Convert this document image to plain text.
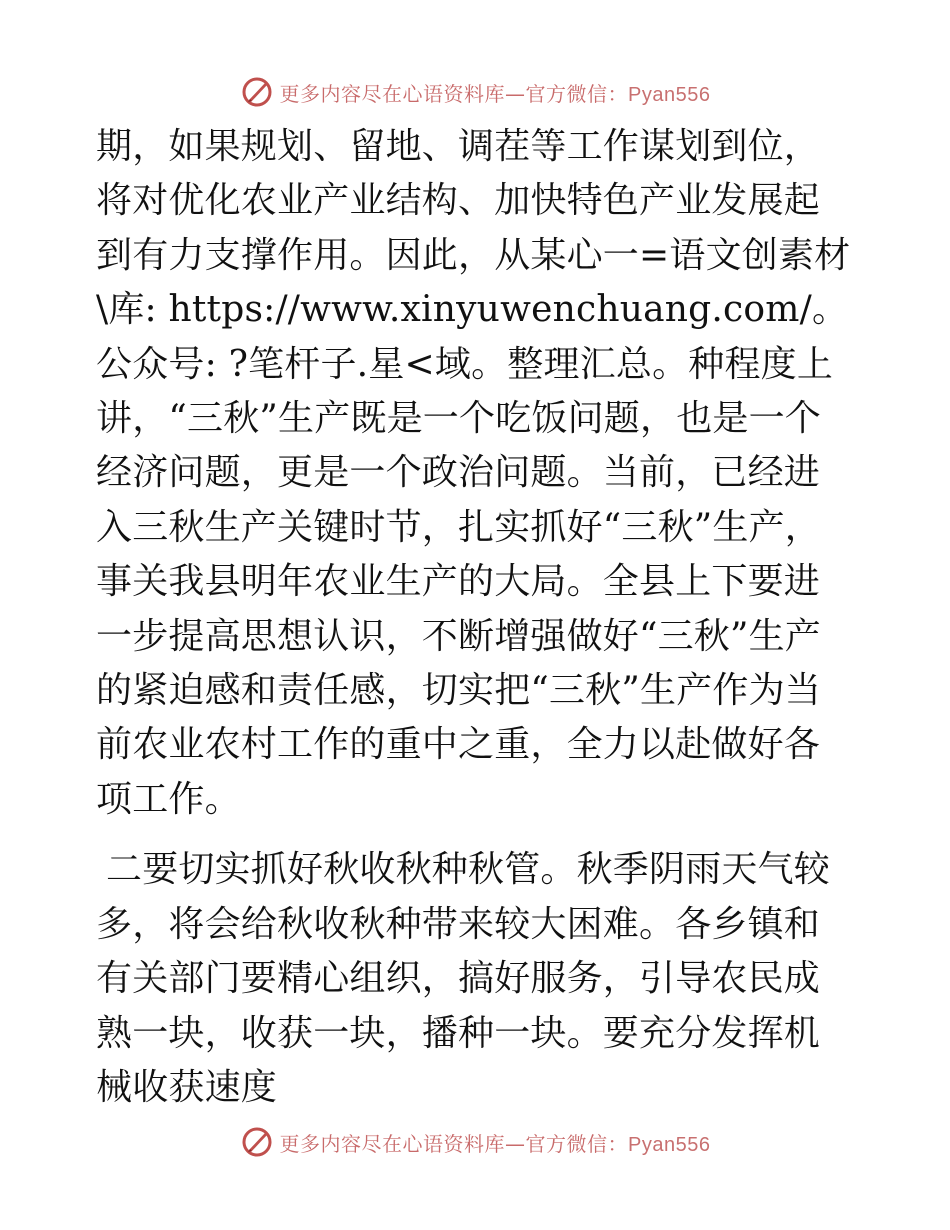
更多内容尽在心语资料库—官方微信：Pyan556

期，如果规划、留地、调茬等工作谋划到位，将对优化农业产业结构、加快特色产业发展起到有力支撑作用。因此，从某心一=语文创素材\库: https://www.xinyuwenchuang.com/。公众号: ?笔杆子.星<域。整理汇总。种程度上讲，“三秋”生产既是一个吃饭问题，也是一个经济问题，更是一个政治问题。当前，已经进入三秋生产关键时节，扎实抓好“三秋”生产，事关我县明年农业生产的大局。全县上下要进一步提高思想认识，不断增强做好“三秋”生产的紧迫感和责任感，切实把“三秋”生产作为当前农业农村工作的重中之重，全力以赴做好各项工作。

二要切实抓好秋收秋种秋管。秋季阴雨天气较
多，将会给秋收秋种带来较大困难。各乡镇和有关部门要精心组织，搞好服务，引导农民成熟一块，收获一块，播种一块。要充分发挥机械收获速度

更多内容尽在心语资料库—官方微信：Pyan556
